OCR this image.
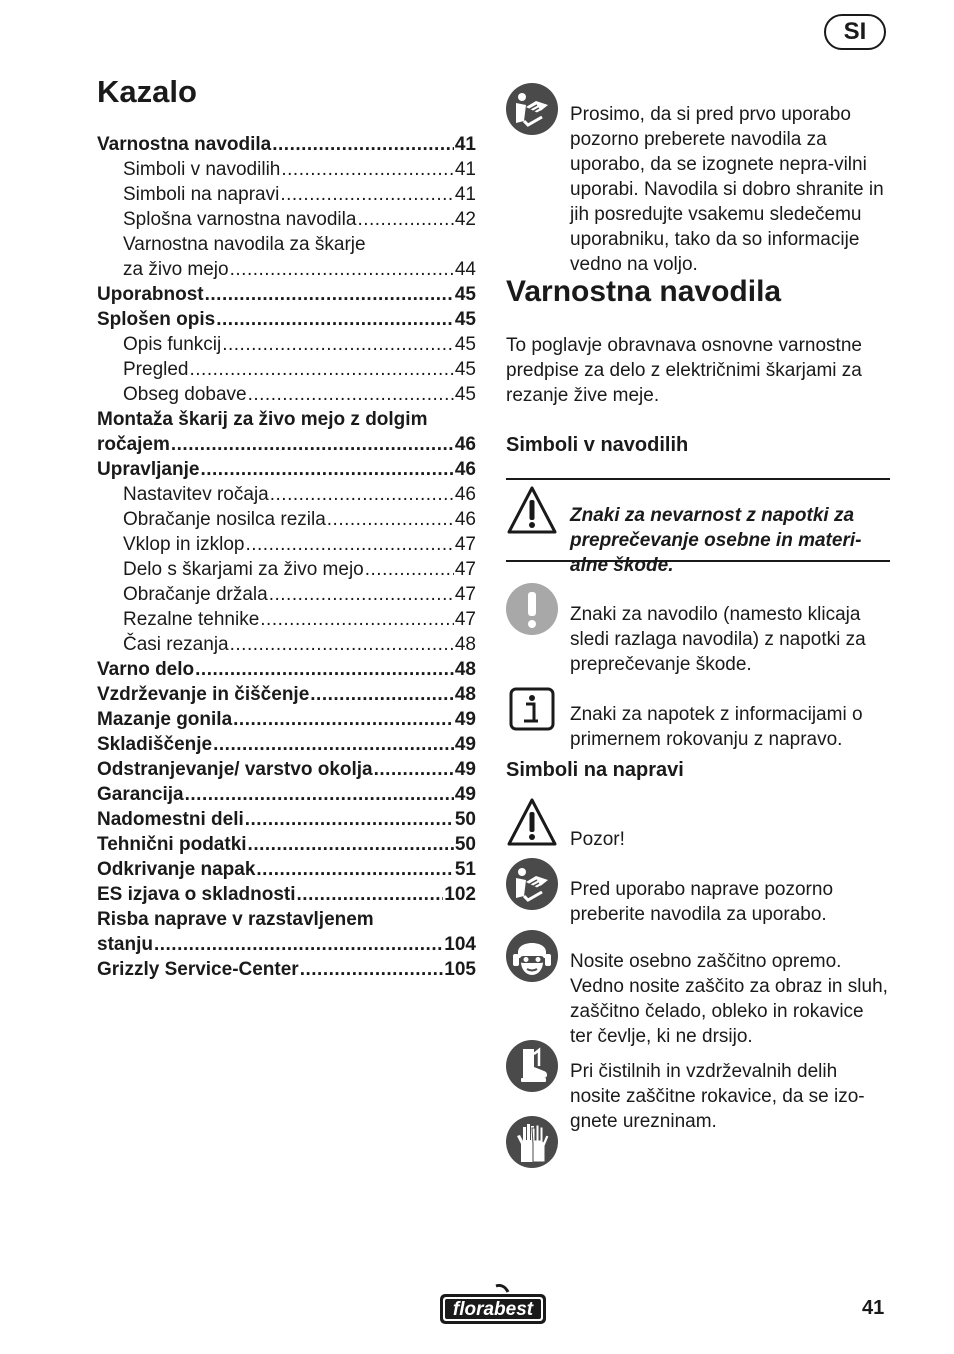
SI
Kazalo
Varnostna navodila .....	41
Simboli v navodilih .....	41
Simboli na napravi .....	41
Splošna varnostna navodila .....	42
Varnostna navodila za škarje
za živo mejo .....	44
Uporabnost .....	45
Splošen opis .....	45
Opis funkcij .....	45
Pregled .....	45
Obseg dobave .....	45
Montaža škarij za živo mejo z dolgim
ročajem .....	46
Upravljanje .....	46
Nastavitev ročaja .....	46
Obračanje nosilca rezila .....	46
Vklop in izklop .....	47
Delo s škarjami za živo mejo .....	47
Obračanje držala .....	47
Rezalne tehnike .....	47
Časi rezanja .....	48
Varno delo .....	48
Vzdrževanje in čiščenje .....	48
Mazanje gonila .....	49
Skladiščenje .....	49
Odstranjevanje/ varstvo okolja .....	49
Garancija .....	49
Nadomestni deli .....	50
Tehnični podatki .....	50
Odkrivanje napak .....	51
ES izjava o skladnosti .....	102
Risba naprave v razstavljenem
stanju .....	104
Grizzly Service-Center .....	105

Prosimo, da si pred prvo uporabo pozorno preberete navodila za uporabo, da se izognete nepra-vilni uporabi. Navodila si dobro shranite in jih posredujte vsakemu sledečemu uporabniku, tako da so informacije vedno na voljo.

Varnostna navodila

To poglavje obravnava osnovne varnostne predpise za delo z električnimi škarjami za rezanje žive meje.

Simboli v navodilih

Znaki za nevarnost z napotki za preprečevanje osebne in materi-alne škode.

Znaki za navodilo (namesto klicaja sledi razlaga navodila) z napotki za preprečevanje škode.

Znaki za napotek z informacijami o primernem rokovanju z napravo.

Simboli na napravi

Pozor!

Pred uporabo naprave pozorno preberite navodila za uporabo.

Nosite osebno zaščitno opremo. Vedno nosite zaščito za obraz in sluh, zaščitno čelado, obleko in rokavice ter čevlje, ki ne drsijo.

Pri čistilnih in vzdrževalnih delih nosite zaščitne rokavice, da se izo-gnete urezninam.

florabest	41
